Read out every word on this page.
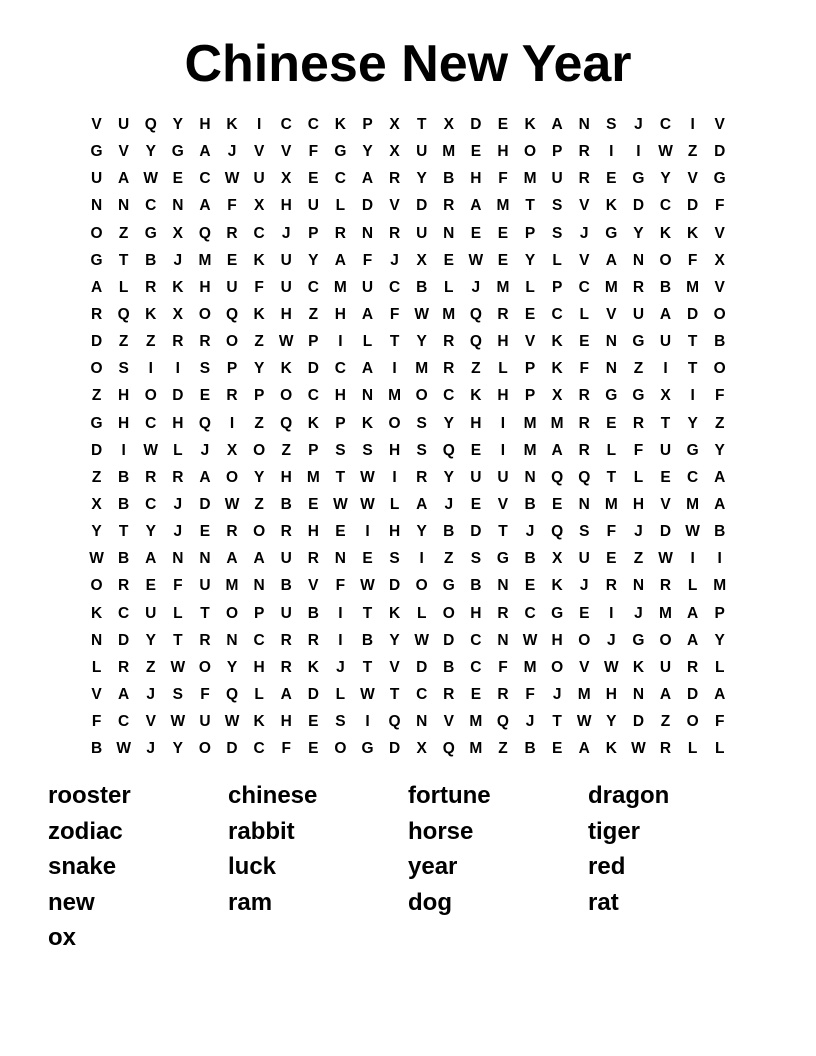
Chinese New Year
V	U Q	Y	H	K	I	C	C	K	P	X	T	X	D	E	K	A	N	S	J	C	I	V
G	V	Y	G A	J	V	V	F	G	Y	X	U M E	H O	P	R	I	I	W Z	D
U	A W E	C W U	X	E	C	A	R	Y	B	H	F	M U	R	E	G	Y	V	G
N	N	C	N	A	F	X	H	U	L	D	V	D	R	A M	T	S	V	K	D	C	D	F
O	Z	G	X	Q R	C	J	P	R	N	R	U	N	E	E	P	S	J	G	Y	K	K	V
G	T	B	J	M E	K	U	Y	A	F	J	X	E W E	Y	L	V	A	N O	F	X
A	L	R	K	H	U	F	U	C M U	C	B	L	J	M	L	P	C M R	B M V
R Q K	X	O Q K	H	Z	H	A	F W M Q R	E	C	L	V	U	A	D O
D	Z	Z	R	R O	Z W P	I	L	T	Y	R Q H	V	K	E	N G U	T	B
O	S	I	I	S	P	Y	K	D	C	A	I	M R	Z	L	P	K	F	N	Z	I	T	O
Z	H O D	E	R	P	O C	H	N M O C	K	H	P	X	R G G	X	I	F
G H	C	H Q	I	Z	Q K	P	K O	S	Y	H	I	M M R	E	R	T	Y	Z
D	I	W L	J	X	O	Z	P	S	S	H	S	Q	E	I	M A	R	L	F	U G	Y
Z	B	R	R	A O	Y	H M	T W	I	R	Y	U	U	N Q Q	T	L	E	C	A
X	B	C	J	D W Z	B	E W W L	A	J	E	V	B	E	N M H	V M A
Y	T	Y	J	E	R O R	H	E	I	H	Y	B	D	T	J	Q	S	F	J	D W B
W B	A	N	N	A	A	U	R	N	E	S	I	Z	S	G B	X	U	E	Z W	I	I
O R	E	F	U M N	B	V	F W D O G B	N	E	K	J	R	N	R	L	M
K	C	U	L	T	O	P	U	B	I	T	K	L	O H	R	C G	E	I	J	M A	P
N	D	Y	T	R	N	C	R	R	I	B	Y W D	C	N W H O	J	G O A	Y
L	R	Z W O	Y	H	R	K	J	T	V	D	B	C	F	M O	V W K	U	R	L
V	A	J	S	F	Q	L	A	D	L W T	C	R	E	R	F	J	M H	N	A	D	A
F	C	V W U W K	H	E	S	I	Q N	V M Q	J	T W Y	D	Z	O	F
B W J	Y	O D	C	F	E	O G D	X	Q M	Z	B	E	A	K W R	L	L
rooster	chinese	fortune	dragon
zodiac	rabbit	horse	tiger
snake	luck	year	red
new	ram	dog	rat
ox
